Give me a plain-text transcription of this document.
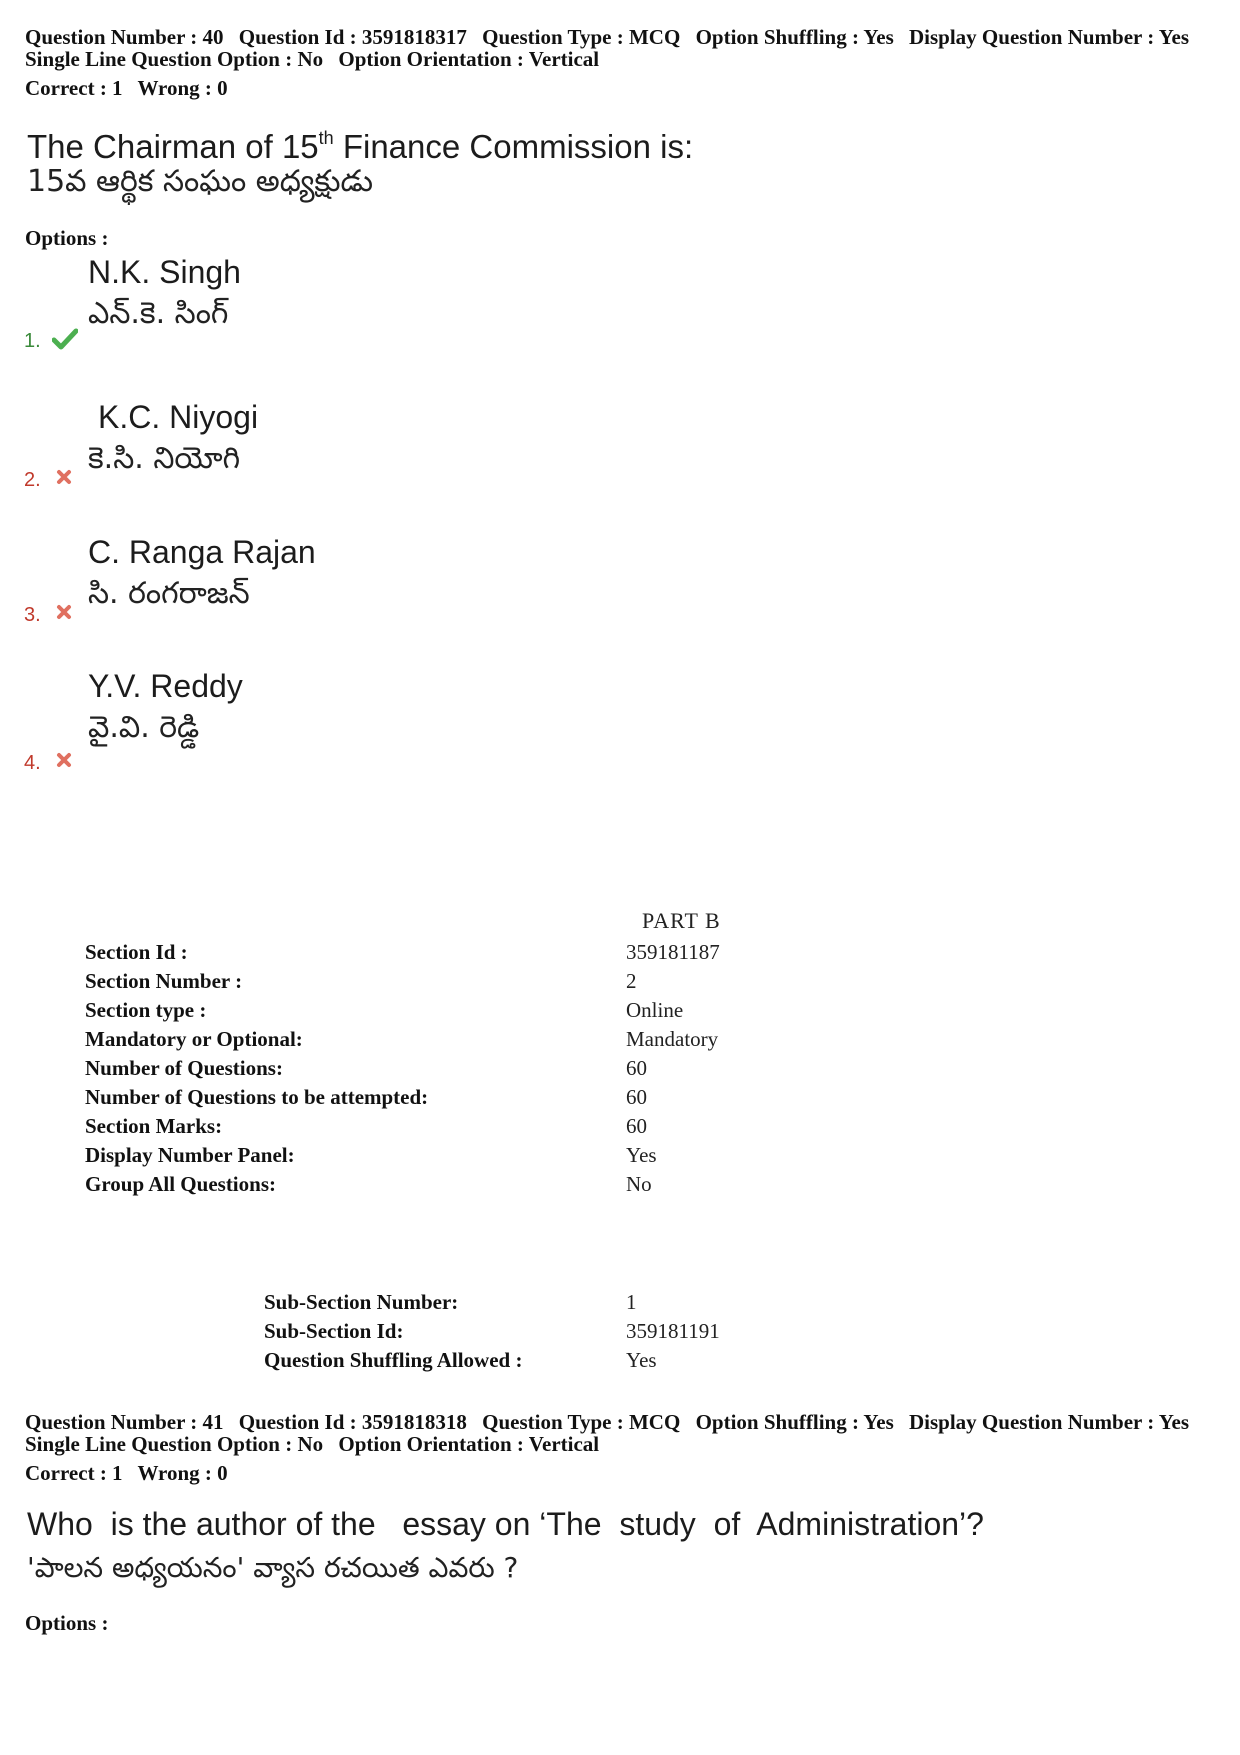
Question Number : 40 Question Id : 3591818317 Question Type : MCQ Option Shuffling : Yes Display Question Number : Yes
Single Line Question Option : No Option Orientation : Vertical
Correct : 1 Wrong : 0
The Chairman of 15th Finance Commission is:
15వ ఆర్థిక సంఘం అధ్యక్షుడు
Options :
N.K. Singh
ఎన్.కె. సింగ్
1.
K.C. Niyogi
కె.సి. నియోగి
2.
C. Ranga Rajan
సి. రంగరాజన్
3.
Y.V. Reddy
వై.వి. రెడ్డి
4.
PART B
Section Id :	359181187
Section Number :	2
Section type :	Online
Mandatory or Optional:	Mandatory
Number of Questions:	60
Number of Questions to be attempted:	60
Section Marks:	60
Display Number Panel:	Yes
Group All Questions:	No
Sub-Section Number:	1
Sub-Section Id:	359181191
Question Shuffling Allowed :	Yes
Question Number : 41 Question Id : 3591818318 Question Type : MCQ Option Shuffling : Yes Display Question Number : Yes
Single Line Question Option : No Option Orientation : Vertical
Correct : 1 Wrong : 0
Who  is the author of the   essay on ‘The  study  of  Administration’?
'పాలన అధ్యయనం' వ్యాస రచయిత ఎవరు ?
Options :
